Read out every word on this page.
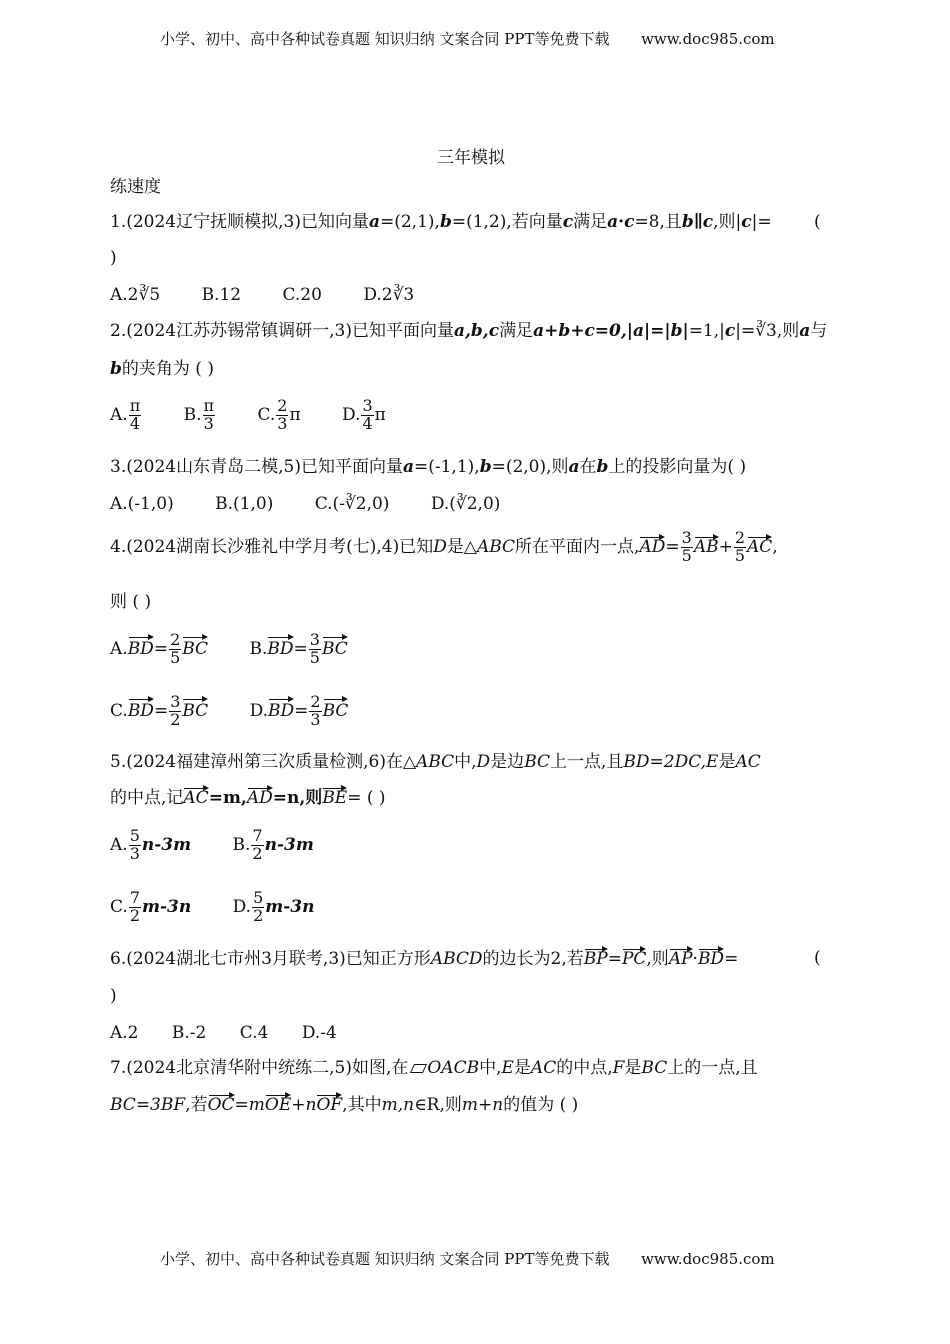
小学、初中、高中各种试卷真题 知识归纳 文案合同 PPT等免费下载 www.doc985.com
三年模拟
练速度
1.(2024辽宁抚顺模拟,3)已知向量a=(2,1),b=(1,2),若向量c满足a·c=8,且b∥c,则|c|= (
)
A.2∛5 B.12 C.20 D.2∛3
2.(2024江苏苏锡常镇调研一,3)已知平面向量a,b,c满足a+b+c=0,|a|=|b|=1,|c|=∛3,则a与
b的夹角为 ( )
A. $\frac{\pi}{4} B$. $\frac{\pi}{3} C$. $\frac{2}{3}$ π D. $\frac{3}{4}$ π
3.(2024山东青岛二模,5)已知平面向量a=(-1,1),b=(2,0),则a在b上的投影向量为( )
A.(-1,0) B.(1,0) C.(-∛2,0) D.(∛2,0)
4.(2024湖南长沙雅礼中学月考(七),4)已知D是△ABC所在平面内一点$,AD= \frac{3}{5} AB+ \frac{2}{5}$ AC,
则 ( )
$A.BD= \frac{2}{5}$ BC $B.BD= \frac{3}{5}$ BC
$C.BD= \frac{3}{2}$ BC $D.BD= \frac{2}{3}$ BC
5.(2024福建漳州第三次质量检测,6)在△ABC中,D是边BC上一点,且BD=2DC,E是AC
的中点,记AC=m,AD=n,则BE= ( )
A. $\frac{5}{3} n-3m$ B. $\frac{7}{2} n-3m$
C. $\frac{7}{2} m-3n$ D. $\frac{5}{2} m-3n$
6.(2024湖北七市州3月联考,3)已知正方形ABCD的边长为2,若BP=PC,则AP·BD=	(
)
A.2 B.-2 C.4 D.-4
7.(2024北京清华附中统练二,5)如图,在 OACB中,E是AC的中点,F是BC上的一点,且
BC=3BF,若OC=mOE+nOF,其中m,n∈R,则m+n的值为 ( )
小学、初中、高中各种试卷真题 知识归纳 文案合同 PPT等免费下载 www.doc985.com
